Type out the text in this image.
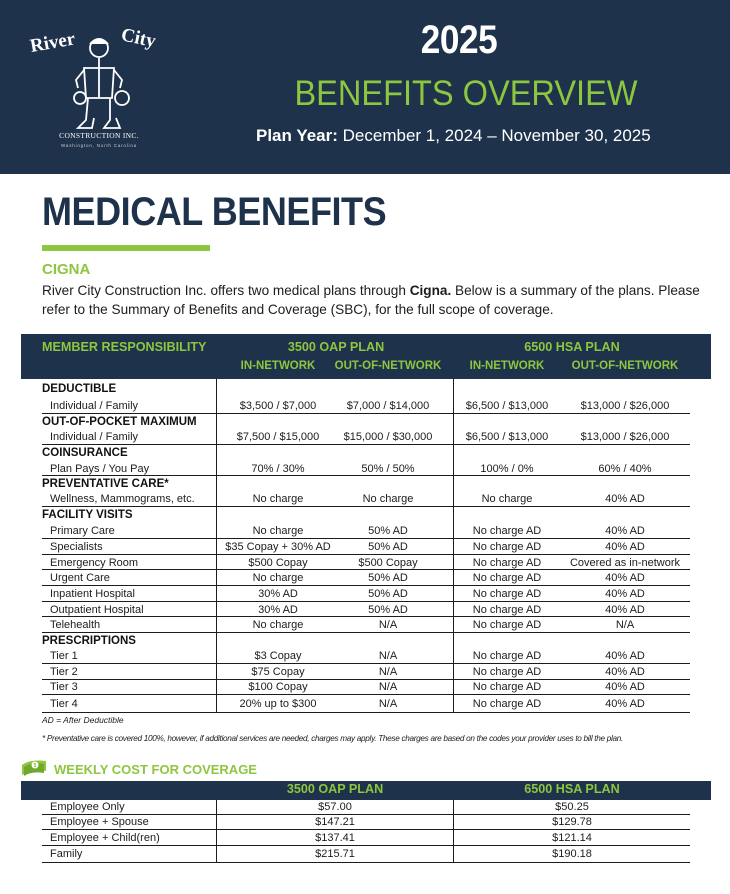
River City
CONSTRUCTION INC.
Washington, North Carolina
2025
BENEFITS OVERVIEW
Plan Year: December 1, 2024 – November 30, 2025
MEDICAL BENEFITS
CIGNA
River City Construction Inc. offers two medical plans through Cigna. Below is a summary of the plans. Please refer to the Summary of Benefits and Coverage (SBC), for the full scope of coverage.
MEMBER RESPONSIBILITY	3500 OAP PLAN	6500 HSA PLAN
IN-NETWORK	OUT-OF-NETWORK	IN-NETWORK	OUT-OF-NETWORK
DEDUCTIBLE
Individual / Family	$3,500 / $7,000	$7,000 / $14,000	$6,500 / $13,000	$13,000 / $26,000
OUT-OF-POCKET MAXIMUM
Individual / Family	$7,500 / $15,000	$15,000 / $30,000	$6,500 / $13,000	$13,000 / $26,000
COINSURANCE
Plan Pays / You Pay	70% / 30%	50% / 50%	100% / 0%	60% / 40%
PREVENTATIVE CARE*
Wellness, Mammograms, etc.	No charge	No charge	No charge	40% AD
FACILITY VISITS
Primary Care	No charge	50% AD	No charge AD	40% AD
Specialists	$35 Copay + 30% AD	50% AD	No charge AD	40% AD
Emergency Room	$500 Copay	$500 Copay	No charge AD	Covered as in-network
Urgent Care	No charge	50% AD	No charge AD	40% AD
Inpatient Hospital	30% AD	50% AD	No charge AD	40% AD
Outpatient Hospital	30% AD	50% AD	No charge AD	40% AD
Telehealth	No charge	N/A	No charge AD	N/A
PRESCRIPTIONS
Tier 1	$3 Copay	N/A	No charge AD	40% AD
Tier 2	$75 Copay	N/A	No charge AD	40% AD
Tier 3	$100 Copay	N/A	No charge AD	40% AD
Tier 4	20% up to $300	N/A	No charge AD	40% AD
AD = After Deductible
* Preventative care is covered 100%, however, if additional services are needed, charges may apply. These charges are based on the codes your provider uses to bill the plan.
$ WEEKLY COST FOR COVERAGE
3500 OAP PLAN	6500 HSA PLAN
Employee Only	$57.00	$50.25
Employee + Spouse	$147.21	$129.78
Employee + Child(ren)	$137.41	$121.14
Family	$215.71	$190.18
